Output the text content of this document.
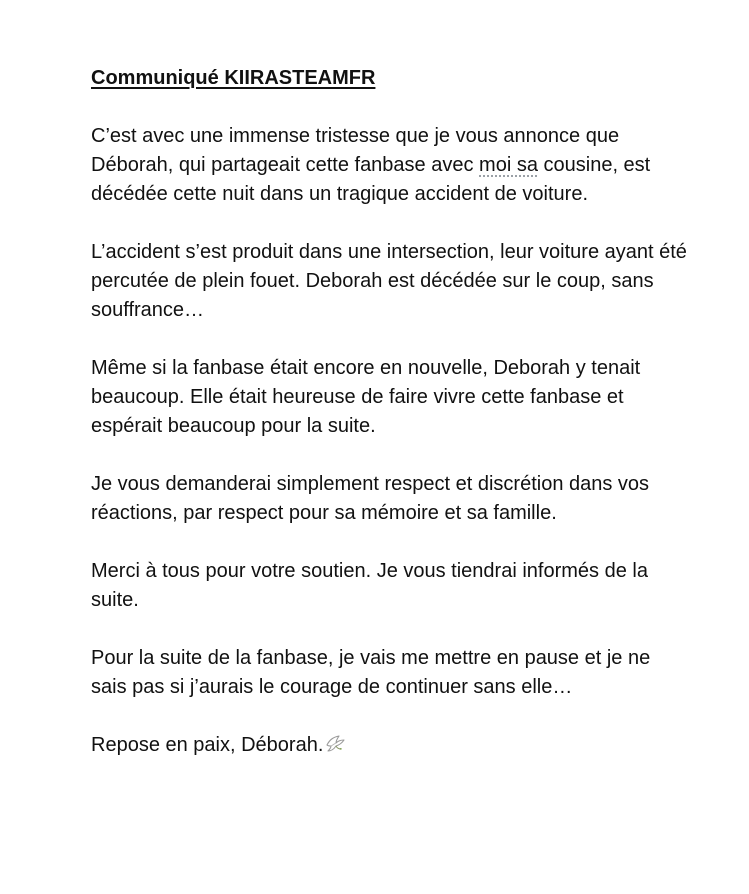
Communiqué KIIRASTEAMFR
C’est avec une immense tristesse que je vous annonce que Déborah, qui partageait cette fanbase avec moi sa cousine, est décédée cette nuit dans un tragique accident de voiture.
L’accident s’est produit dans une intersection, leur voiture ayant été percutée de plein fouet. Deborah est décédée sur le coup, sans souffrance…
Même si la fanbase était encore en nouvelle, Deborah y tenait beaucoup. Elle était heureuse de faire vivre cette fanbase et espérait beaucoup pour la suite.
Je vous demanderai simplement respect et discrétion dans vos réactions, par respect pour sa mémoire et sa famille.
Merci à tous pour votre soutien. Je vous tiendrai informés de la suite.
Pour la suite de la fanbase, je vais me mettre en pause et je ne sais pas si j’aurais le courage de continuer sans elle…
Repose en paix, Déborah.
